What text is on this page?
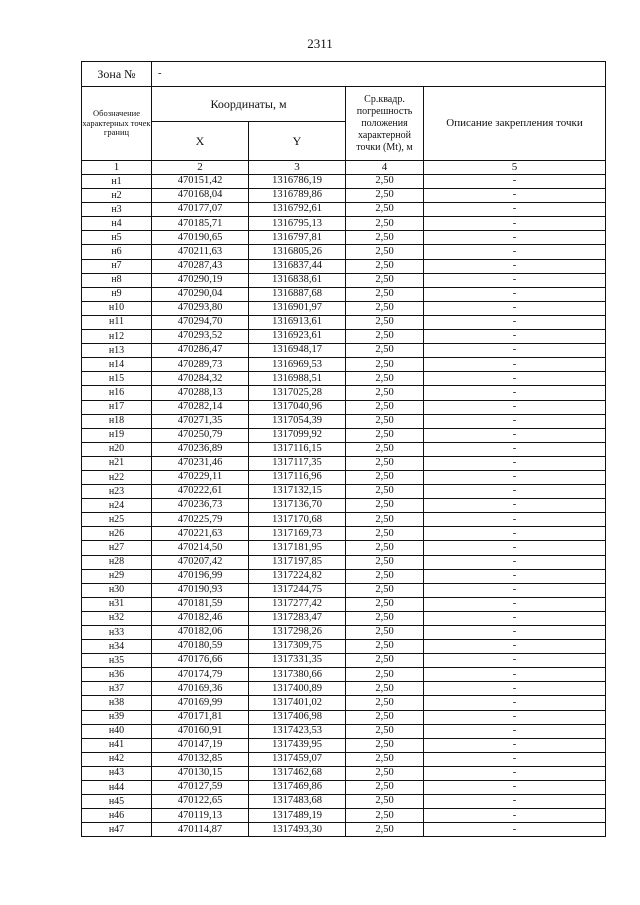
2311
Зона №	-			
Обозначение характерных точек границ	Координаты, м		Ср.квадр. погрешность положения характерной точки (Mt), м	Описание закрепления точки
	X	Y		
1	2	3	4	5
н1	470151,42	1316786,19	2,50	-
н2	470168,04	1316789,86	2,50	-
н3	470177,07	1316792,61	2,50	-
н4	470185,71	1316795,13	2,50	-
н5	470190,65	1316797,81	2,50	-
н6	470211,63	1316805,26	2,50	-
н7	470287,43	1316837,44	2,50	-
н8	470290,19	1316838,61	2,50	-
н9	470290,04	1316887,68	2,50	-
н10	470293,80	1316901,97	2,50	-
н11	470294,70	1316913,61	2,50	-
н12	470293,52	1316923,61	2,50	-
н13	470286,47	1316948,17	2,50	-
н14	470289,73	1316969,53	2,50	-
н15	470284,32	1316988,51	2,50	-
н16	470288,13	1317025,28	2,50	-
н17	470282,14	1317040,96	2,50	-
н18	470271,35	1317054,39	2,50	-
н19	470250,79	1317099,92	2,50	-
н20	470236,89	1317116,15	2,50	-
н21	470231,46	1317117,35	2,50	-
н22	470229,11	1317116,96	2,50	-
н23	470222,61	1317132,15	2,50	-
н24	470236,73	1317136,70	2,50	-
н25	470225,79	1317170,68	2,50	-
н26	470221,63	1317169,73	2,50	-
н27	470214,50	1317181,95	2,50	-
н28	470207,42	1317197,85	2,50	-
н29	470196,99	1317224,82	2,50	-
н30	470190,93	1317244,75	2,50	-
н31	470181,59	1317277,42	2,50	-
н32	470182,46	1317283,47	2,50	-
н33	470182,06	1317298,26	2,50	-
н34	470180,59	1317309,75	2,50	-
н35	470176,66	1317331,35	2,50	-
н36	470174,79	1317380,66	2,50	-
н37	470169,36	1317400,89	2,50	-
н38	470169,99	1317401,02	2,50	-
н39	470171,81	1317406,98	2,50	-
н40	470160,91	1317423,53	2,50	-
н41	470147,19	1317439,95	2,50	-
н42	470132,85	1317459,07	2,50	-
н43	470130,15	1317462,68	2,50	-
н44	470127,59	1317469,86	2,50	-
н45	470122,65	1317483,68	2,50	-
н46	470119,13	1317489,19	2,50	-
н47	470114,87	1317493,30	2,50	-
